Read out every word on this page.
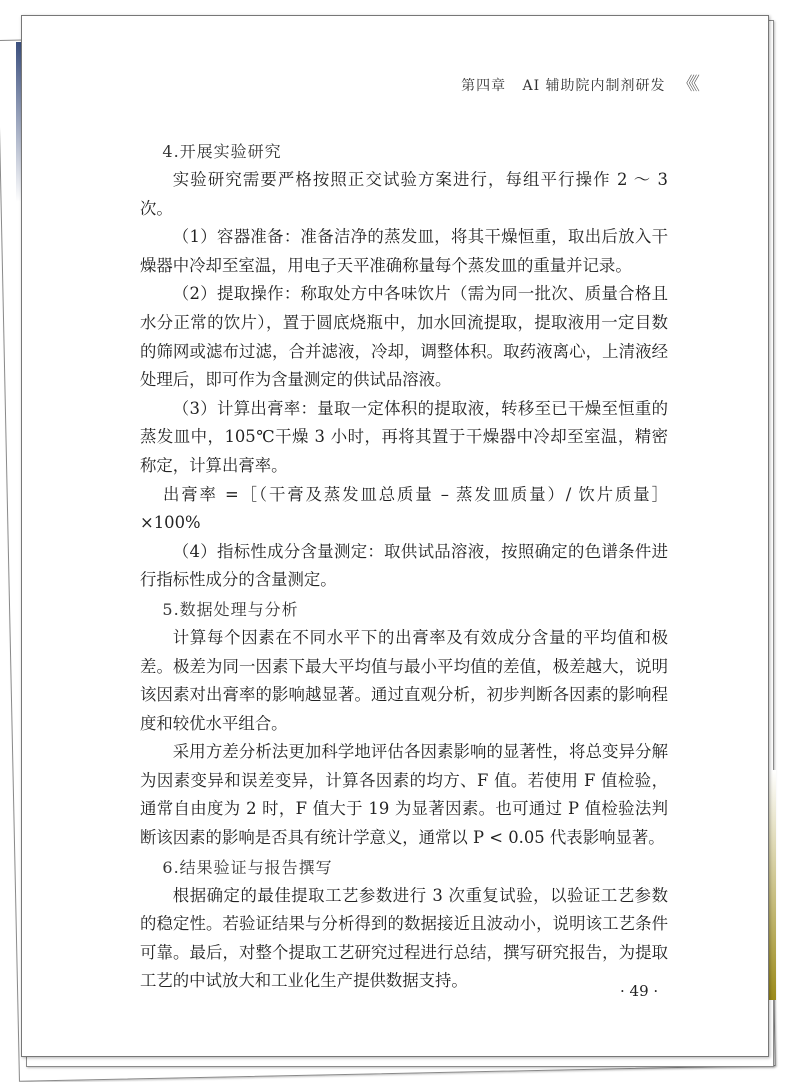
第四章 AI 辅助院内制剂研发 《《
4.开展实验研究

实验研究需要严格按照正交试验方案进行，每组平行操作 2 ～ 3 次。

（1）容器准备：准备洁净的蒸发皿，将其干燥恒重，取出后放入干燥器中冷却至室温，用电子天平准确称量每个蒸发皿的重量并记录。

（2）提取操作：称取处方中各味饮片（需为同一批次、质量合格且水分正常的饮片），置于圆底烧瓶中，加水回流提取，提取液用一定目数的筛网或滤布过滤，合并滤液，冷却，调整体积。取药液离心，上清液经处理后，即可作为含量测定的供试品溶液。

（3）计算出膏率：量取一定体积的提取液，转移至已干燥至恒重的蒸发皿中，105℃干燥 3 小时，再将其置于干燥器中冷却至室温，精密称定，计算出膏率。

出膏率 =［（干膏及蒸发皿总质量 – 蒸发皿质量）/ 饮片质量］×100%

（4）指标性成分含量测定：取供试品溶液，按照确定的色谱条件进行指标性成分的含量测定。

5.数据处理与分析

计算每个因素在不同水平下的出膏率及有效成分含量的平均值和极差。极差为同一因素下最大平均值与最小平均值的差值，极差越大，说明该因素对出膏率的影响越显著。通过直观分析，初步判断各因素的影响程度和较优水平组合。

采用方差分析法更加科学地评估各因素影响的显著性，将总变异分解为因素变异和误差变异，计算各因素的均方、F 值。若使用 F 值检验，通常自由度为 2 时，F 值大于 19 为显著因素。也可通过 P 值检验法判断该因素的影响是否具有统计学意义，通常以 P < 0.05 代表影响显著。

6.结果验证与报告撰写

根据确定的最佳提取工艺参数进行 3 次重复试验，以验证工艺参数的稳定性。若验证结果与分析得到的数据接近且波动小，说明该工艺条件可靠。最后，对整个提取工艺研究过程进行总结，撰写研究报告，为提取工艺的中试放大和工业化生产提供数据支持。

· 49 ·
